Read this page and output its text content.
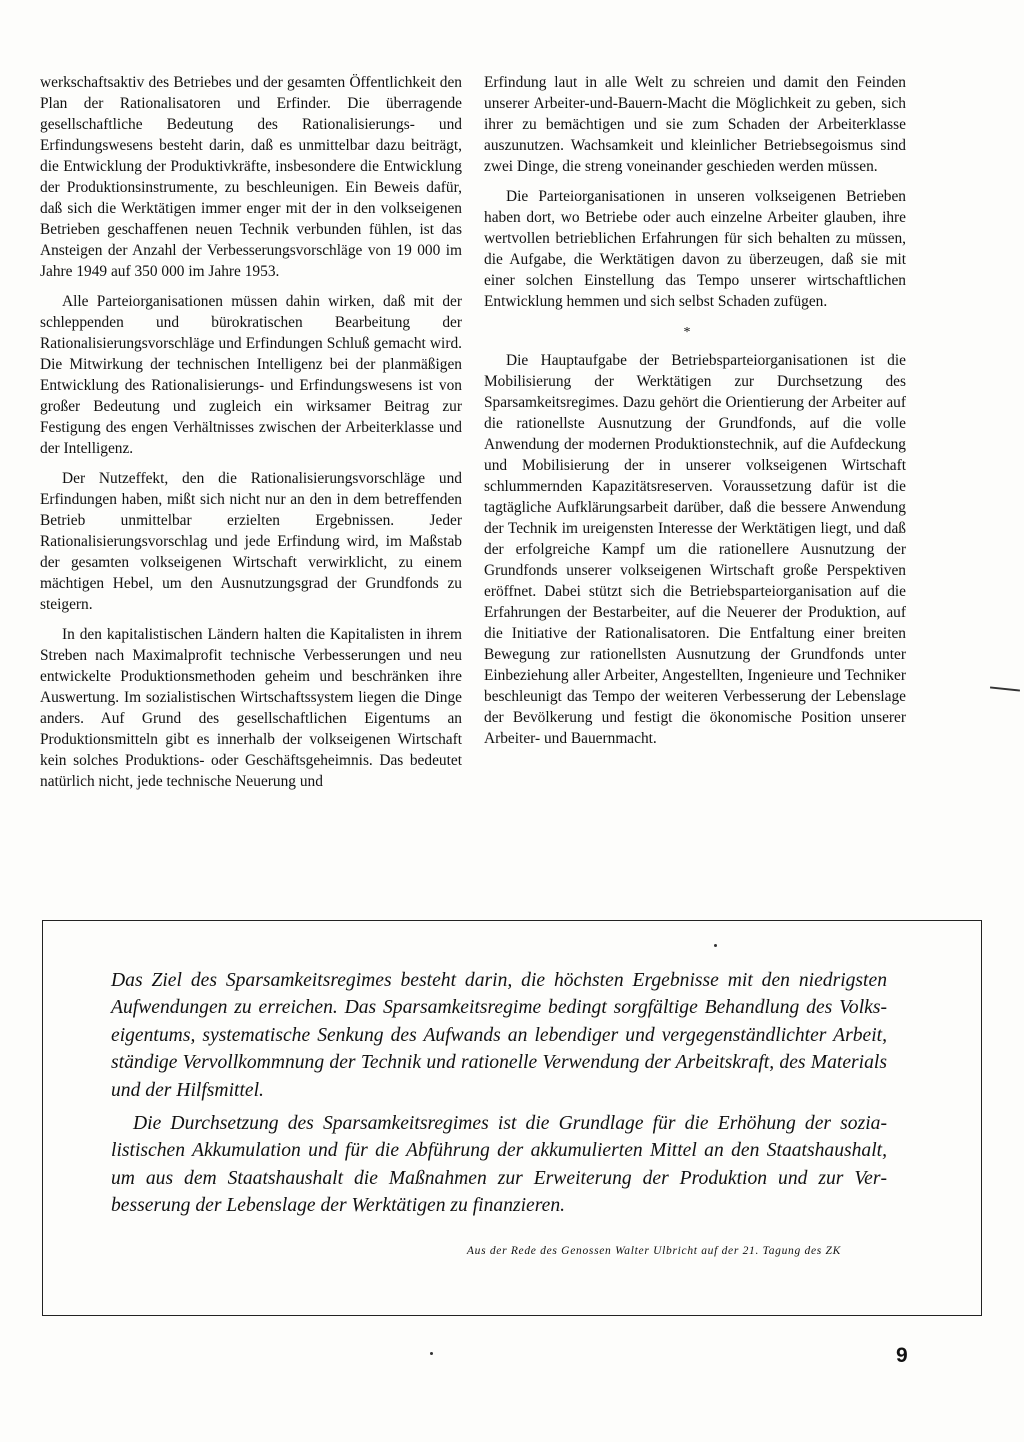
werkschaftsaktiv des Betriebes und der gesamten Öffentlichkeit den Plan der Rationalisatoren und Erfinder. Die überragende gesellschaftliche Bedeutung des Rationalisierungs- und Erfindungswesens besteht darin, daß es unmittelbar dazu beiträgt, die Entwicklung der Produktivkräfte, insbesondere die Entwicklung der Produktionsinstrumente, zu beschleunigen. Ein Beweis dafür, daß sich die Werktätigen immer enger mit der in den volkseigenen Betrieben geschaffenen neuen Technik verbunden fühlen, ist das Ansteigen der Anzahl der Verbesserungsvorschläge von 19 000 im Jahre 1949 auf 350 000 im Jahre 1953.

Alle Parteiorganisationen müssen dahin wirken, daß mit der schleppenden und bürokratischen Bearbeitung der Rationalisierungsvorschläge und Erfindungen Schluß gemacht wird. Die Mitwirkung der technischen Intelligenz bei der planmäßigen Entwicklung des Rationalisierungs- und Erfindungswesens ist von großer Bedeutung und zugleich ein wirksamer Beitrag zur Festigung des engen Verhältnisses zwischen der Arbeiterklasse und der Intelligenz.

Der Nutzeffekt, den die Rationalisierungsvorschläge und Erfindungen haben, mißt sich nicht nur an den in dem betreffenden Betrieb unmittelbar erzielten Ergebnissen. Jeder Rationalisierungsvorschlag und jede Erfindung wird, im Maßstab der gesamten volkseigenen Wirtschaft verwirklicht, zu einem mächtigen Hebel, um den Ausnutzungsgrad der Grundfonds zu steigern.

In den kapitalistischen Ländern halten die Kapitalisten in ihrem Streben nach Maximalprofit technische Verbesserungen und neu entwickelte Produktionsmethoden geheim und beschränken ihre Auswertung. Im sozialistischen Wirtschaftssystem liegen die Dinge anders. Auf Grund des gesellschaftlichen Eigentums an Produktionsmitteln gibt es innerhalb der volkseigenen Wirtschaft kein solches Produktions- oder Geschäftsgeheimnis. Das bedeutet natürlich nicht, jede technische Neuerung und

Erfindung laut in alle Welt zu schreien und damit den Feinden unserer Arbeiter-und-Bauern-Macht die Möglichkeit zu geben, sich ihrer zu bemächtigen und sie zum Schaden der Arbeiterklasse auszunutzen. Wachsamkeit und kleinlicher Betriebsegoismus sind zwei Dinge, die streng voneinander geschieden werden müssen.

Die Parteiorganisationen in unseren volkseigenen Betrieben haben dort, wo Betriebe oder auch einzelne Arbeiter glauben, ihre wertvollen betrieblichen Erfahrungen für sich behalten zu müssen, die Aufgabe, die Werktätigen davon zu überzeugen, daß sie mit einer solchen Einstellung das Tempo unserer wirtschaftlichen Entwicklung hemmen und sich selbst Schaden zufügen.

*

Die Hauptaufgabe der Betriebsparteiorganisationen ist die Mobilisierung der Werktätigen zur Durchsetzung des Sparsamkeitsregimes. Dazu gehört die Orientierung der Arbeiter auf die rationellste Ausnutzung der Grundfonds, auf die volle Anwendung der modernen Produktionstechnik, auf die Aufdeckung und Mobilisierung der in unserer volkseigenen Wirtschaft schlummernden Kapazitätsreserven. Voraussetzung dafür ist die tagtägliche Aufklärungsarbeit darüber, daß die bessere Anwendung der Technik im ureigensten Interesse der Werktätigen liegt, und daß der erfolgreiche Kampf um die rationellere Ausnutzung der Grundfonds unserer volkseigenen Wirtschaft große Perspektiven eröffnet. Dabei stützt sich die Betriebsparteiorganisation auf die Erfahrungen der Bestarbeiter, auf die Neuerer der Produktion, auf die Initiative der Rationalisatoren. Die Entfaltung einer breiten Bewegung zur rationellsten Ausnutzung der Grundfonds unter Einbeziehung aller Arbeiter, Angestellten, Ingenieure und Techniker beschleunigt das Tempo der weiteren Verbesserung der Lebenslage der Bevölkerung und festigt die ökonomische Position unserer Arbeiter- und Bauernmacht.

Das Ziel des Sparsamkeitsregimes besteht darin, die höchsten Ergebnisse mit den niedrigsten Aufwendungen zu erreichen. Das Sparsamkeitsregime bedingt sorgfältige Behandlung des Volkseigentums, systematische Senkung des Aufwands an lebendiger und vergegenständlichter Arbeit, ständige Vervollkommnung der Technik und rationelle Verwendung der Arbeitskraft, des Materials und der Hilfsmittel.

Die Durchsetzung des Sparsamkeitsregimes ist die Grundlage für die Erhöhung der sozialistischen Akkumulation und für die Abführung der akkumulierten Mittel an den Staatshaushalt, um aus dem Staatshaushalt die Maßnahmen zur Erweiterung der Produktion und zur Verbesserung der Lebenslage der Werktätigen zu finanzieren.

Aus der Rede des Genossen Walter Ulbricht auf der 21. Tagung des ZK
9
